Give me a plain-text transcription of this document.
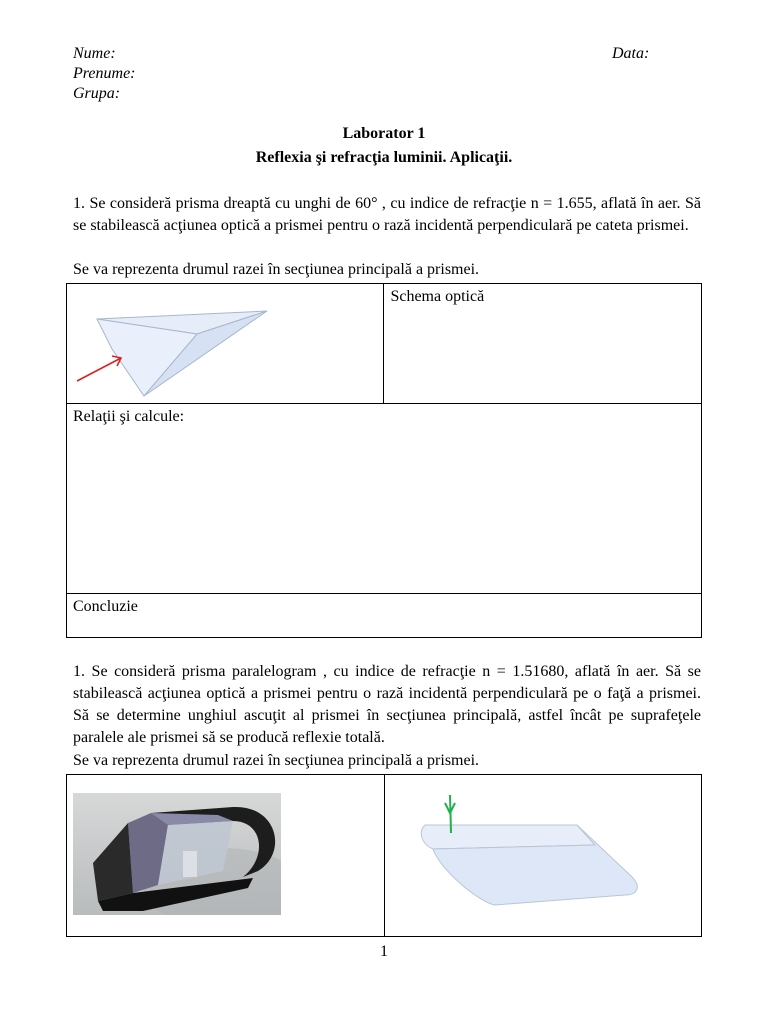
Nume:
Prenume:
Grupa:
Data:
Laborator 1
Reflexia şi refracţia luminii. Aplicaţii.

1. Se consideră prisma dreaptă cu unghi de 60° , cu indice de refracţie n = 1.655, aflată în aer. Să se stabilească acţiunea optică a prismei pentru o rază incidentă perpendiculară pe cateta prismei.

Se va reprezenta drumul razei în secţiunea principală a prismei.

Schema optică

Relaţii şi calcule:

Concluzie

1. Se consideră prisma paralelogram , cu indice de refracţie n = 1.51680, aflată în aer. Să se stabilească acţiunea optică a prismei pentru o rază incidentă perpendiculară pe o faţă a prismei. Să se determine unghiul ascuţit al prismei în secţiunea principală, astfel încât pe suprafeţele paralele ale prismei să se producă reflexie totală.

Se va reprezenta drumul razei în secţiunea principală a prismei.

1
